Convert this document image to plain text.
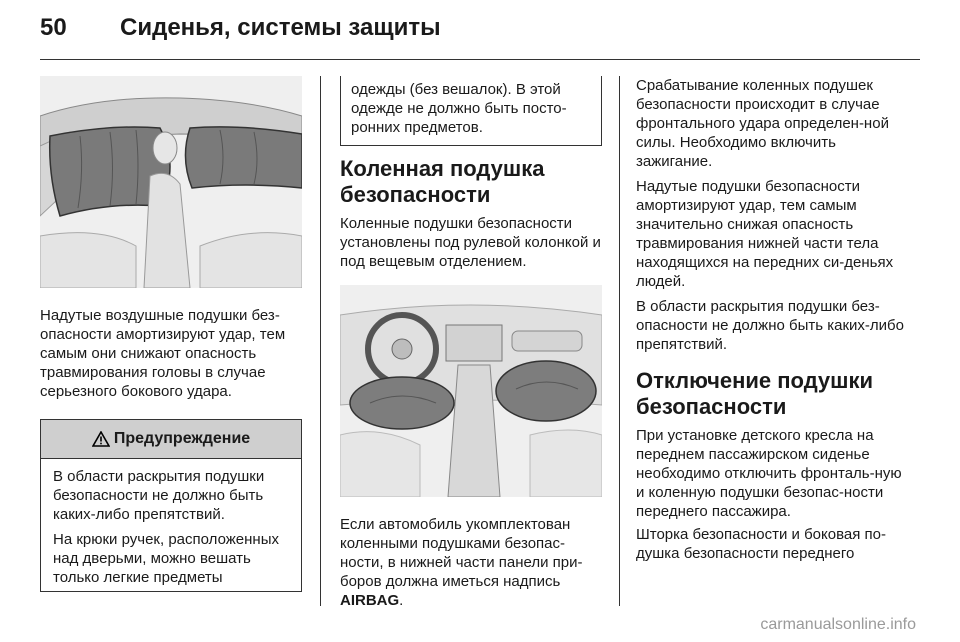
50 Сиденья, системы защиты

Надутые воздушные подушки без-опасности амортизируют удар, тем самым они снижают опасность травмирования головы в случае серьезного бокового удара.

Предупреждение

В области раскрытия подушки безопасности не должно быть каких-либо препятствий.

На крюки ручек, расположенных над дверьми, можно вешать только легкие предметы

одежды (без вешалок). В этой одежде не должно быть посто-ронних предметов.

Коленная подушка
безопасности

Коленные подушки безопасности установлены под рулевой колонкой и под вещевым отделением.

Если автомобиль укомплектован коленными подушками безопас-ности, в нижней части панели при-боров должна иметься надпись AIRBAG.

Срабатывание коленных подушек безопасности происходит в случае фронтального удара определен-ной силы. Необходимо включить зажигание.

Надутые подушки безопасности амортизируют удар, тем самым значительно снижая опасность травмирования нижней части тела находящихся на передних си-деньях людей.

В области раскрытия подушки без-опасности не должно быть каких-либо препятствий.

Отключение подушки
безопасности

При установке детского кресла на переднем пассажирском сиденье необходимо отключить фронталь-ную и коленную подушки безопас-ности переднего пассажира.

Шторка безопасности и боковая по-душка безопасности переднего

carmanualsonline.info
